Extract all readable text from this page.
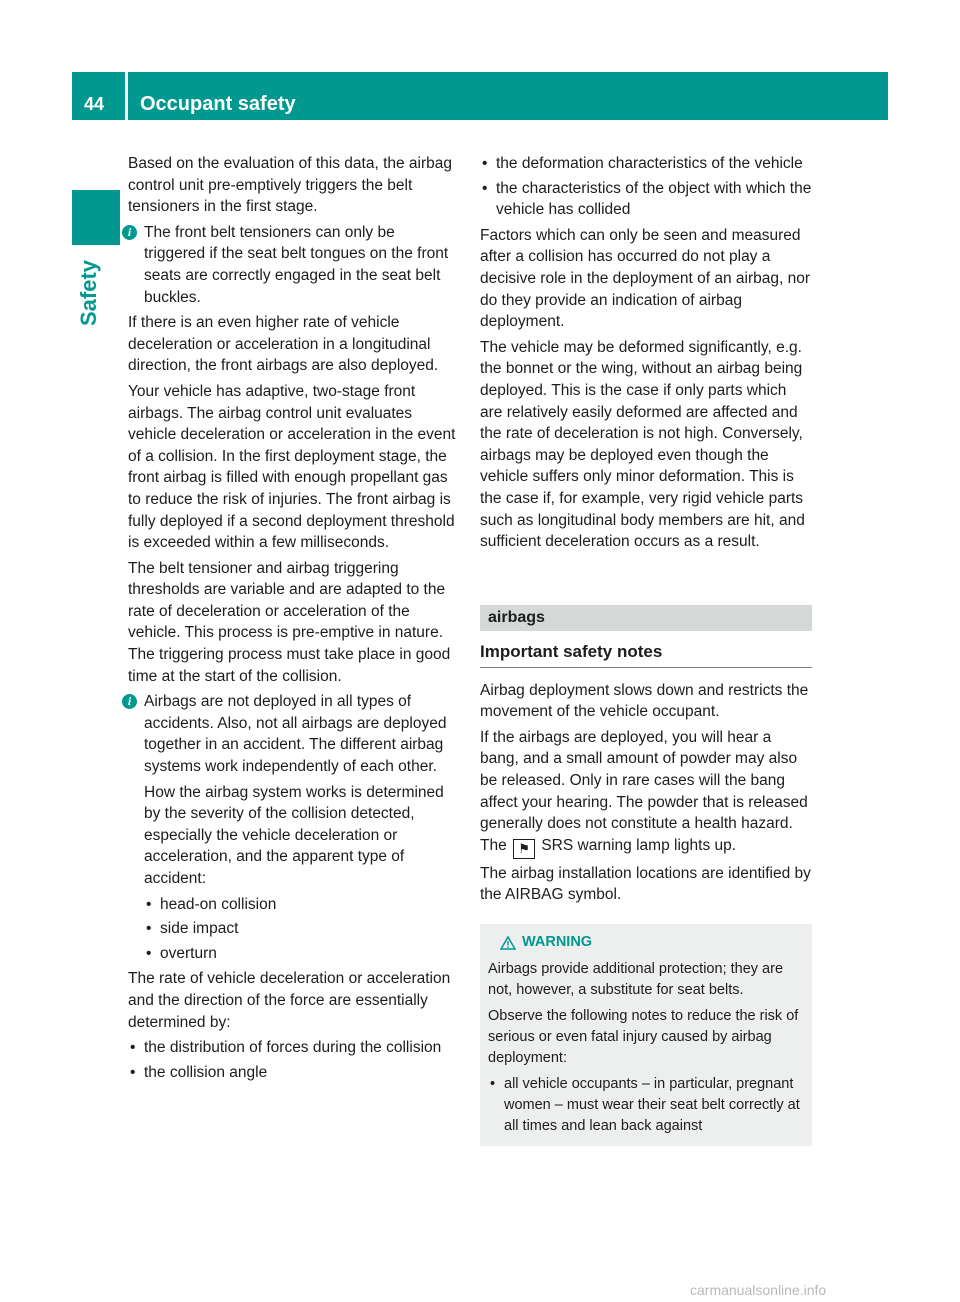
44 Occupant safety
Safety

Based on the evaluation of this data, the airbag control unit pre-emptively triggers the belt tensioners in the first stage.

i The front belt tensioners can only be triggered if the seat belt tongues on the front seats are correctly engaged in the seat belt buckles.

If there is an even higher rate of vehicle deceleration or acceleration in a longitudinal direction, the front airbags are also deployed.

Your vehicle has adaptive, two-stage front airbags. The airbag control unit evaluates vehicle deceleration or acceleration in the event of a collision. In the first deployment stage, the front airbag is filled with enough propellant gas to reduce the risk of injuries. The front airbag is fully deployed if a second deployment threshold is exceeded within a few milliseconds.

The belt tensioner and airbag triggering thresholds are variable and are adapted to the rate of deceleration or acceleration of the vehicle. This process is pre-emptive in nature. The triggering process must take place in good time at the start of the collision.

i Airbags are not deployed in all types of accidents. Also, not all airbags are deployed together in an accident. The different airbag systems work independently of each other.

How the airbag system works is determined by the severity of the collision detected, especially the vehicle deceleration or acceleration, and the apparent type of accident:

• head-on collision
• side impact
• overturn

The rate of vehicle deceleration or acceleration and the direction of the force are essentially determined by:

• the distribution of forces during the collision
• the collision angle
• the deformation characteristics of the vehicle
• the characteristics of the object with which the vehicle has collided

Factors which can only be seen and measured after a collision has occurred do not play a decisive role in the deployment of an airbag, nor do they provide an indication of airbag deployment.

The vehicle may be deformed significantly, e.g. the bonnet or the wing, without an airbag being deployed. This is the case if only parts which are relatively easily deformed are affected and the rate of deceleration is not high. Conversely, airbags may be deployed even though the vehicle suffers only minor deformation. This is the case if, for example, very rigid vehicle parts such as longitudinal body members are hit, and sufficient deceleration occurs as a result.

airbags
Important safety notes

Airbag deployment slows down and restricts the movement of the vehicle occupant.

If the airbags are deployed, you will hear a bang, and a small amount of powder may also be released. Only in rare cases will the bang affect your hearing. The powder that is released generally does not constitute a health hazard. The ⚑ SRS warning lamp lights up.

The airbag installation locations are identified by the AIRBAG symbol.

WARNING

Airbags provide additional protection; they are not, however, a substitute for seat belts.

Observe the following notes to reduce the risk of serious or even fatal injury caused by airbag deployment:

• all vehicle occupants – in particular, pregnant women – must wear their seat belt correctly at all times and lean back against
carmanualsonline.info
